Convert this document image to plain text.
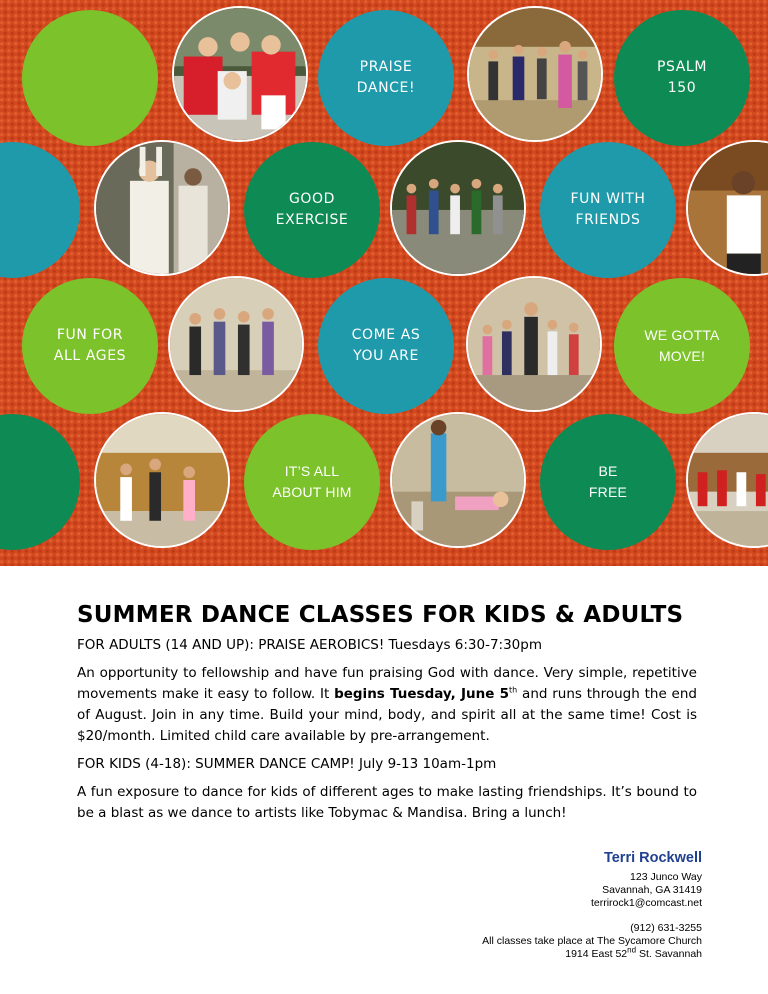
PRAISE
DANCE!
PSALM
150
GOOD
EXERCISE
FUN WITH
FRIENDS
FUN FOR
ALL AGES
COME AS
YOU ARE
WE GOTTA
MOVE!
IT’S ALL
ABOUT HIM
BE
FREE
SUMMER DANCE CLASSES FOR KIDS & ADULTS
FOR ADULTS (14 AND UP): PRAISE AEROBICS! Tuesdays 6:30-7:30pm

An opportunity to fellowship and have fun praising God with dance. Very simple, repetitive movements make it easy to follow. It begins Tuesday, June 5th and runs through the end of August. Join in any time. Build your mind, body, and spirit all at the same time! Cost is $20/month. Limited child care available by pre-arrangement.

FOR KIDS (4-18): SUMMER DANCE CAMP! July 9-13 10am-1pm

A fun exposure to dance for kids of different ages to make lasting friendships. It’s bound to be a blast as we dance to artists like Tobymac & Mandisa. Bring a lunch!

Terri Rockwell
123 Junco Way
Savannah, GA 31419
terrirock1@comcast.net
(912) 631-3255
All classes take place at The Sycamore Church
1914 East 52nd St. Savannah
